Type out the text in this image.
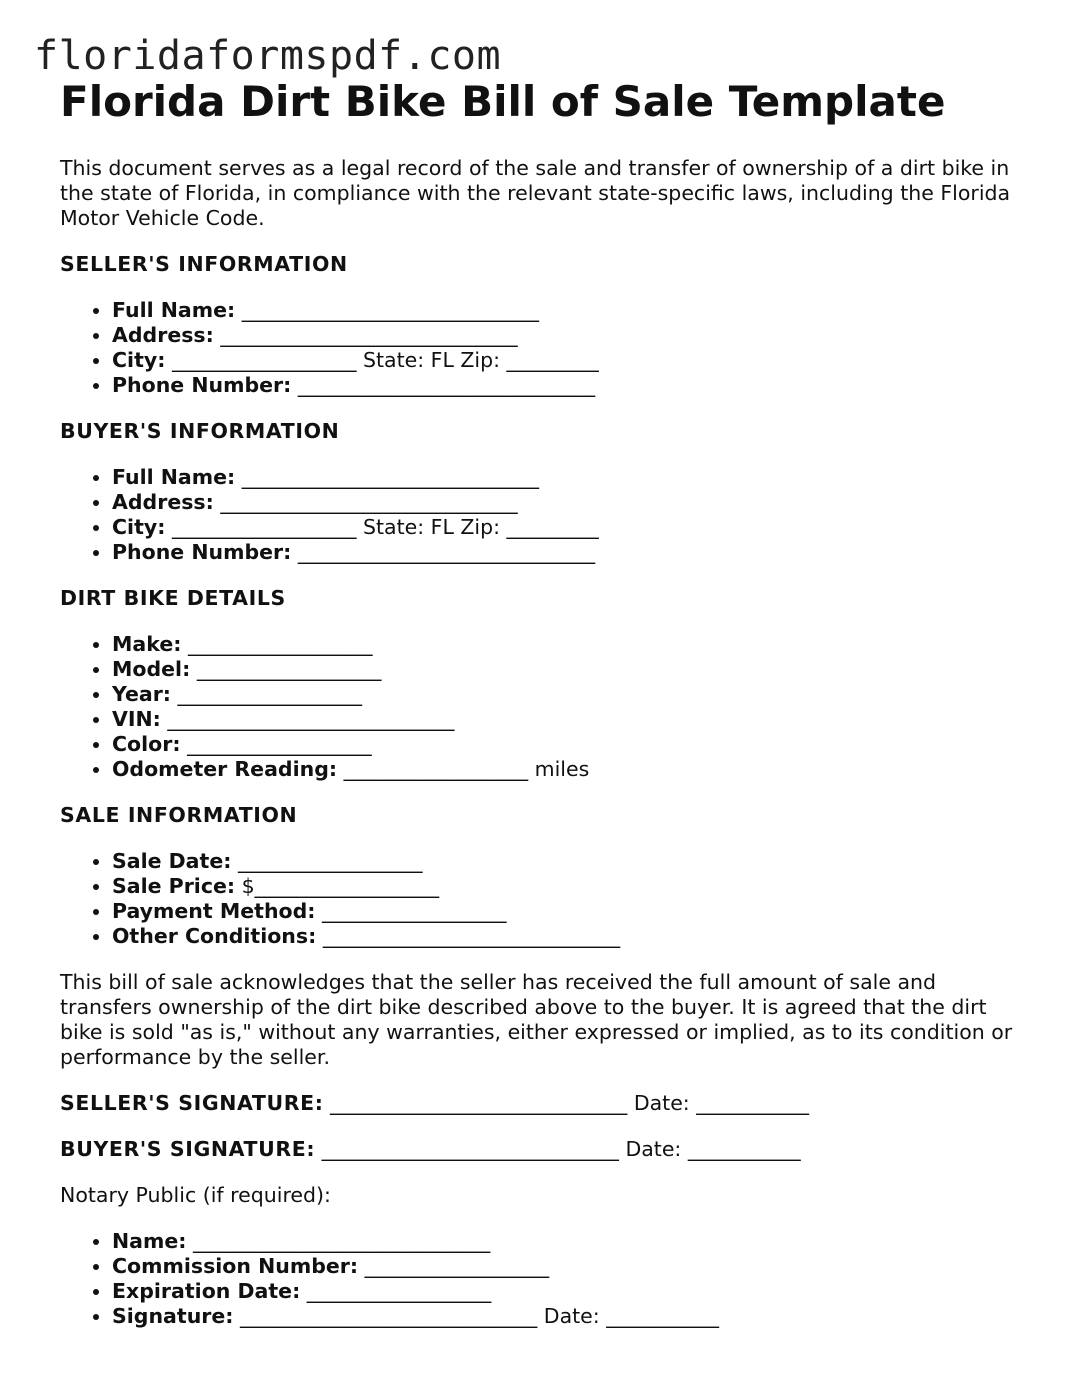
floridaformspdf.com
Florida Dirt Bike Bill of Sale Template

This document serves as a legal record of the sale and transfer of ownership of a dirt bike in the state of Florida, in compliance with the relevant state-specific laws, including the Florida Motor Vehicle Code.

SELLER'S INFORMATION
• Full Name: _____________________________
• Address: _____________________________
• City: __________________ State: FL Zip: _________
• Phone Number: _____________________________
BUYER'S INFORMATION
• Full Name: _____________________________
• Address: _____________________________
• City: __________________ State: FL Zip: _________
• Phone Number: _____________________________
DIRT BIKE DETAILS
• Make: __________________
• Model: __________________
• Year: __________________
• VIN: ____________________________
• Color: __________________
• Odometer Reading: __________________ miles
SALE INFORMATION
• Sale Date: __________________
• Sale Price: $__________________
• Payment Method: __________________
• Other Conditions: _____________________________

This bill of sale acknowledges that the seller has received the full amount of sale and transfers ownership of the dirt bike described above to the buyer. It is agreed that the dirt bike is sold "as is," without any warranties, either expressed or implied, as to its condition or performance by the seller.

SELLER'S SIGNATURE: _____________________________ Date: ___________

BUYER'S SIGNATURE: _____________________________ Date: ___________

Notary Public (if required):

• Name: _____________________________
• Commission Number: __________________
• Expiration Date: __________________
• Signature: _____________________________ Date: ___________
